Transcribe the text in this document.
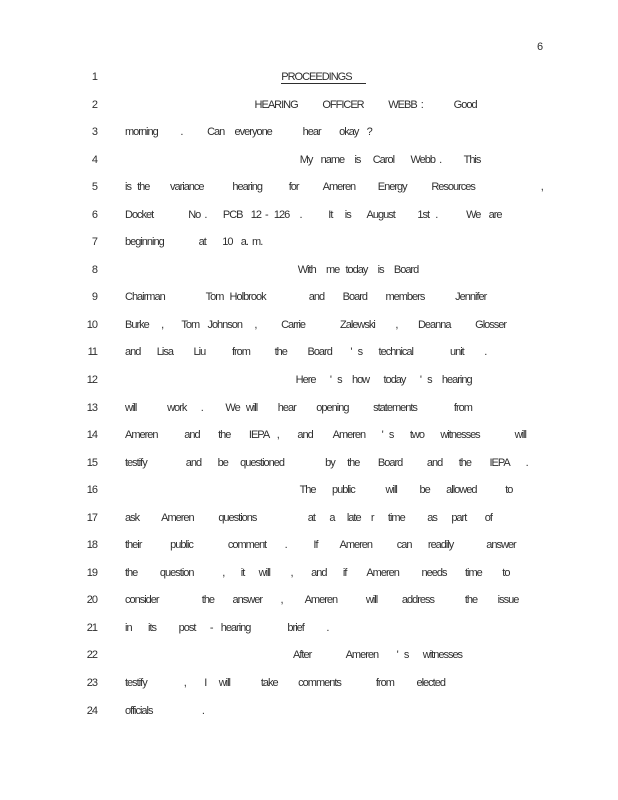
6
1	PROCEEDINGS
2	HEARING            OFFICER            WEBB  :               Good
3	morning           .            Can     everyone               hear         okay    ?
4	My    name     is      Carol        Webb  .           This
5	is   the          variance              hearing             for            Ameren           Energy            Resources                                ,
6	Docket                 No  .        PCB    12  -   126     .             It      is        August           1st   .              We    are
7	beginning                 at        10    a.  m.
8	With     me   today     is     Board
9	Chairman                    Tom   Holbrook                     and         Board         members               Jennifer
10	Burke      ,         Tom    Johnson      ,            Carrie                 Zalewski          ,          Deanna            Glosser
11	and        Lisa          Liu             from            the          Board         '   s        technical                  unit          .
12	Here       '   s     how       today       '   s     hearing
13	will               work       .           We   will          hear          opening            statements                  from
14	Ameren             and         the         IEPA    ,         and          Ameren        '   s        two        witnesses                 will
15	testify                   and        be      questioned                    by      the         Board            and        the         IEPA        .
16	The        public               will           be        allowed              to
17	ask           Ameren            questions                         at       a      late     r       time           as       part         of
18	their              public                 comment         .             If           Ameren            can        readily                answer
19	the           question              ,        it       will          ,         and        if          Ameren           needs         time          to
20	consider                     the         answer         ,           Ameren              will            address               the          issue
21	in        its           post       -    hearing                  brief           .
22	After                 Ameren         '   s       witnesses
23	testify                  ,         I      will               take          comments                 from           elected
24	officials                        .
